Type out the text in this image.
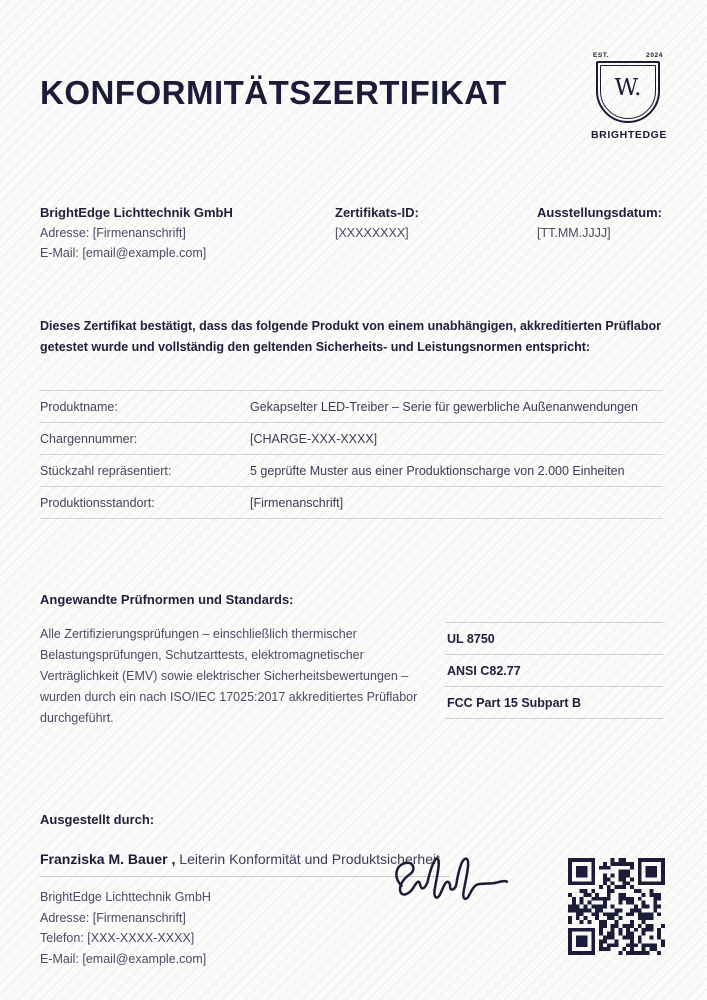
KONFORMITÄTSZERTIFIKAT
EST.	2024
W.
BRIGHTEDGE
BrightEdge Lichttechnik GmbH
Adresse: [Firmenanschrift]
E-Mail: [email@example.com]
Zertifikats-ID:
[XXXXXXXX]
Ausstellungsdatum:
[TT.MM.JJJJ]

Dieses Zertifikat bestätigt, dass das folgende Produkt von einem unabhängigen, akkreditierten Prüflabor getestet wurde und vollständig den geltenden Sicherheits- und Leistungsnormen entspricht:

Produktname:	Gekapselter LED-Treiber – Serie für gewerbliche Außenanwendungen
Chargennummer:	[CHARGE-XXX-XXXX]
Stückzahl repräsentiert:	5 geprüfte Muster aus einer Produktionscharge von 2.000 Einheiten
Produktionsstandort:	[Firmenanschrift]
Angewandte Prüfnormen und Standards:

Alle Zertifizierungsprüfungen – einschließlich thermischer Belastungsprüfungen, Schutzarttests, elektromagnetischer Verträglichkeit (EMV) sowie elektrischer Sicherheitsbewertungen – wurden durch ein nach ISO/IEC 17025:2017 akkreditiertes Prüflabor durchgeführt.

UL 8750
ANSI C82.77
FCC Part 15 Subpart B
Ausgestellt durch:
Franziska M. Bauer , Leiterin Konformität und Produktsicherheit
BrightEdge Lichttechnik GmbH
Adresse: [Firmenanschrift]
Telefon: [XXX-XXXX-XXXX]
E-Mail: [email@example.com]
